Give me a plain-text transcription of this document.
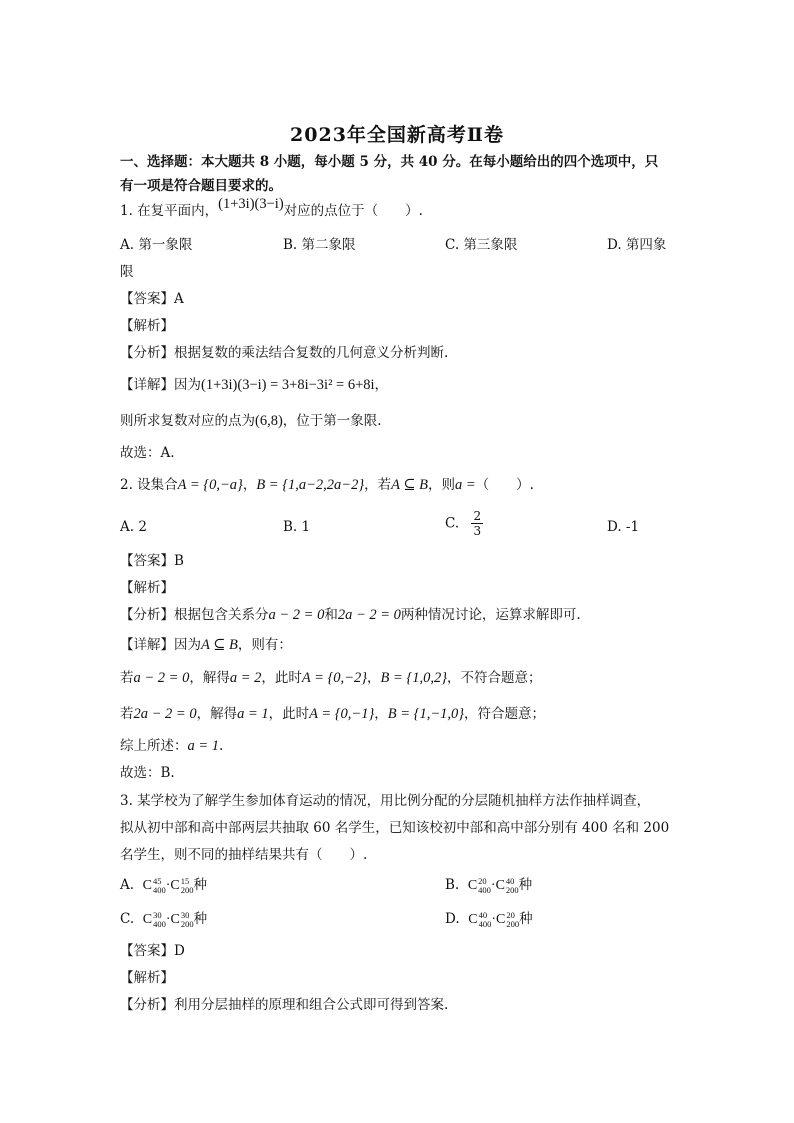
2023年全国新高考Ⅱ卷
一、选择题：本大题共 8 小题，每小题 5 分，共 40 分。在每小题给出的四个选项中，只
有一项是符合题目要求的。
1. 在复平面内，(1+3i)(3−i)对应的点位于（　　）.
A. 第一象限	B. 第二象限	C. 第三象限	D. 第四象
限
【答案】A
【解析】
【分析】根据复数的乘法结合复数的几何意义分析判断.
【详解】因为(1+3i)(3−i) = 3+8i−3i² = 6+8i，
则所求复数对应的点为(6,8)，位于第一象限.
故选：A.
2. 设集合A = {0,−a}，B = {1,a−2,2a−2}，若A ⊆ B，则a =（　　）.
A. 2	B. 1	C. $\frac{2}{3}$	D. -1
【答案】B
【解析】
【分析】根据包含关系分a − 2 = 0和2a − 2 = 0两种情况讨论，运算求解即可.
【详解】因为A ⊆ B，则有：
若a − 2 = 0，解得a = 2，此时A = {0,−2}，B = {1,0,2}，不符合题意；
若2a − 2 = 0，解得a = 1，此时A = {0,−1}，B = {1,−1,0}，符合题意；
综上所述：a = 1.
故选：B.
3. 某学校为了解学生参加体育运动的情况，用比例分配的分层随机抽样方法作抽样调查，
拟从初中部和高中部两层共抽取 60 名学生，已知该校初中部和高中部分别有 400 名和 200
名学生，则不同的抽样结果共有（　　）.
A. C 45
400 ·C 15
200 种	B. C 20
400 ·C 40
200 种
C. C 30
400 ·C 30
200 种	D. C 40
400 ·C 20
200 种
【答案】D
【解析】
【分析】利用分层抽样的原理和组合公式即可得到答案.
